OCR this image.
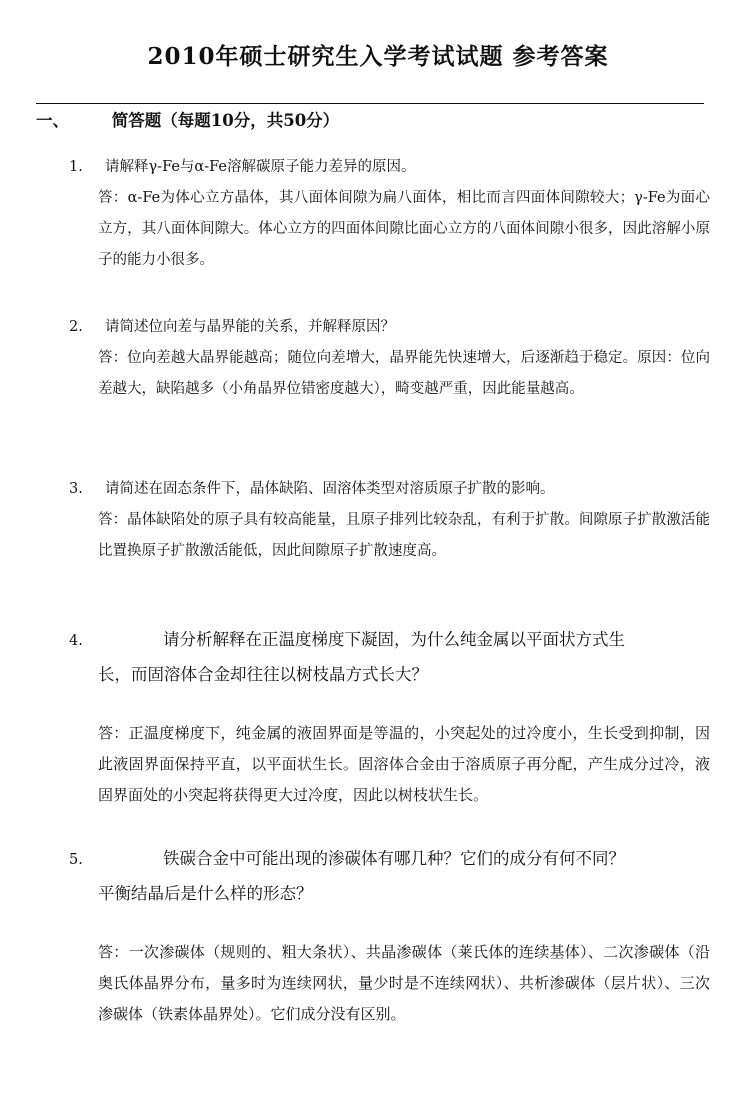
2010年硕士研究生入学考试试题 参考答案
一、	简答题（每题10分，共50分）
1. 请解释γ-Fe与α-Fe溶解碳原子能力差异的原因。
答：α-Fe为体心立方晶体，其八面体间隙为扁八面体，相比而言四面体间隙较大；γ-Fe为面心立方，其八面体间隙大。体心立方的四面体间隙比面心立方的八面体间隙小很多，因此溶解小原子的能力小很多。
2. 请简述位向差与晶界能的关系，并解释原因？
答：位向差越大晶界能越高；随位向差增大，晶界能先快速增大，后逐渐趋于稳定。原因：位向差越大，缺陷越多（小角晶界位错密度越大），畸变越严重，因此能量越高。
3. 请简述在固态条件下，晶体缺陷、固溶体类型对溶质原子扩散的影响。
答：晶体缺陷处的原子具有较高能量，且原子排列比较杂乱，有利于扩散。间隙原子扩散激活能比置换原子扩散激活能低，因此间隙原子扩散速度高。
4.	请分析解释在正温度梯度下凝固，为什么纯金属以平面状方式生
长，而固溶体合金却往往以树枝晶方式长大？
答：正温度梯度下，纯金属的液固界面是等温的，小突起处的过冷度小，生长受到抑制，因此液固界面保持平直，以平面状生长。固溶体合金由于溶质原子再分配，产生成分过冷，液固界面处的小突起将获得更大过冷度，因此以树枝状生长。
5.	铁碳合金中可能出现的渗碳体有哪几种？它们的成分有何不同？
平衡结晶后是什么样的形态？
答：一次渗碳体（规则的、粗大条状）、共晶渗碳体（莱氏体的连续基体）、二次渗碳体（沿奥氏体晶界分布，量多时为连续网状，量少时是不连续网状）、共析渗碳体（层片状）、三次渗碳体（铁素体晶界处）。它们成分没有区别。
